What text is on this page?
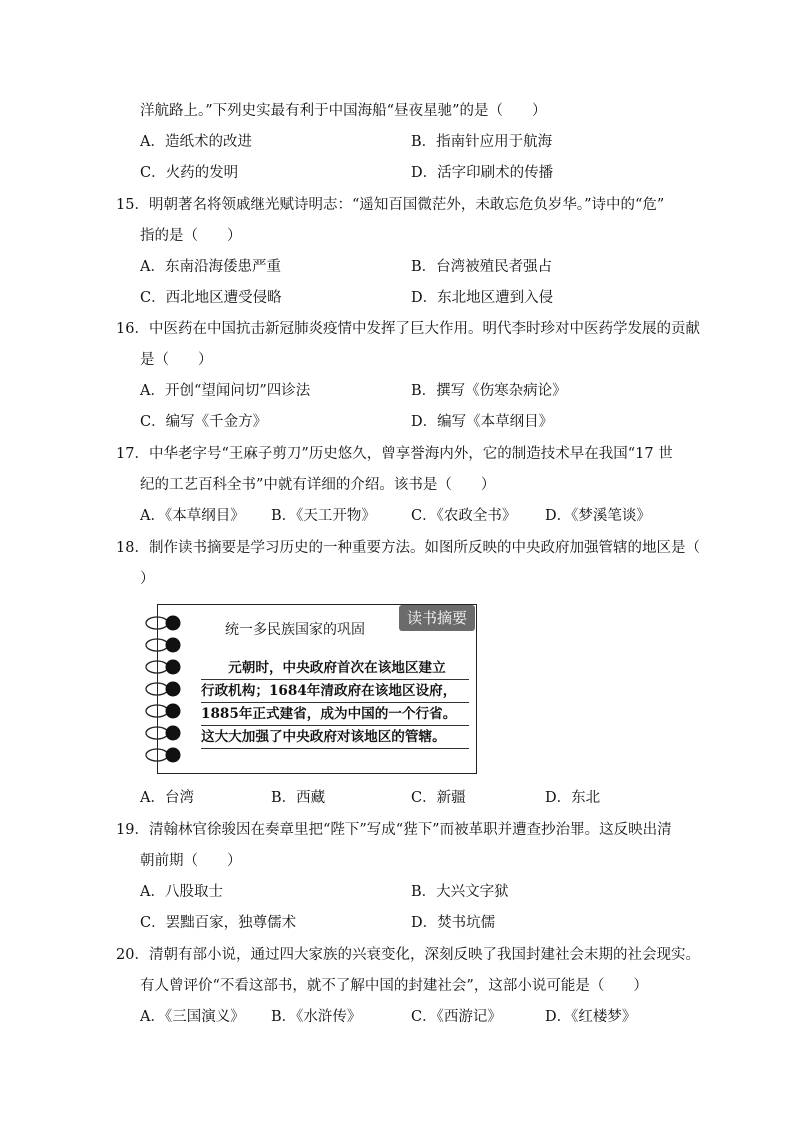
洋航路上。”下列史实最有利于中国海船“昼夜星驰”的是（　　）
A．造纸术的改进	B．指南针应用于航海
C．火药的发明	D．活字印刷术的传播
15．明朝著名将领戚继光赋诗明志：“遥知百国微茫外，未敢忘危负岁华。”诗中的“危”
指的是（　　）
A．东南沿海倭患严重	B．台湾被殖民者强占
C．西北地区遭受侵略	D．东北地区遭到入侵
16．中医药在中国抗击新冠肺炎疫情中发挥了巨大作用。明代李时珍对中医药学发展的贡献
是（　　）
A．开创“望闻问切”四诊法	B．撰写《伤寒杂病论》
C．编写《千金方》	D．编写《本草纲目》
17．中华老字号“王麻子剪刀”历史悠久，曾享誉海内外，它的制造技术早在我国“17 世
纪的工艺百科全书”中就有详细的介绍。该书是（　　）
A．《本草纲目》 B．《天工开物》 C．《农政全书》 D．《梦溪笔谈》
18．制作读书摘要是学习历史的一种重要方法。如图所反映的中央政府加强管辖的地区是（
）
读书摘要
统一多民族国家的巩固
　　元朝时，中央政府首次在该地区建立
行政机构；1684年清政府在该地区设府，
1885年正式建省，成为中国的一个行省。
这大大加强了中央政府对该地区的管辖。
A．台湾	B．西藏	C．新疆	D．东北
19．清翰林官徐骏因在奏章里把“陛下”写成“狴下”而被革职并遭查抄治罪。这反映出清
朝前期（　　）
A．八股取士	B．大兴文字狱
C．罢黜百家，独尊儒术	D．焚书坑儒
20．清朝有部小说，通过四大家族的兴衰变化，深刻反映了我国封建社会末期的社会现实。
有人曾评价“不看这部书，就不了解中国的封建社会”，这部小说可能是（　　）
A．《三国演义》 B．《水浒传》	C．《西游记》	D．《红楼梦》
